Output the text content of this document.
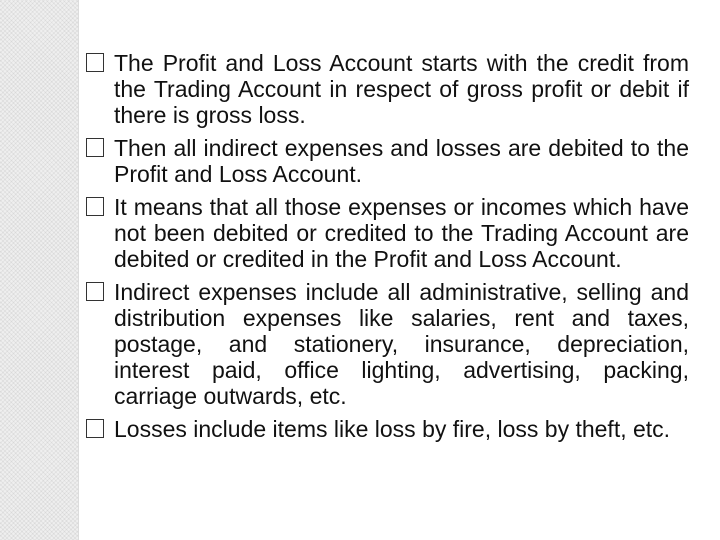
The Profit and Loss Account starts with the credit from the Trading Account in respect of gross profit or debit if there is gross loss.
Then all indirect expenses and losses are debited to the Profit and Loss Account.
It means that all those expenses or incomes which have not been debited or credited to the Trading Account are debited or credited in the Profit and Loss Account.
Indirect expenses include all administrative, selling and distribution expenses like salaries, rent and taxes, postage, and stationery, insurance, depreciation, interest paid, office lighting, advertising, packing, carriage outwards, etc.
Losses include items like loss by fire, loss by theft, etc.
